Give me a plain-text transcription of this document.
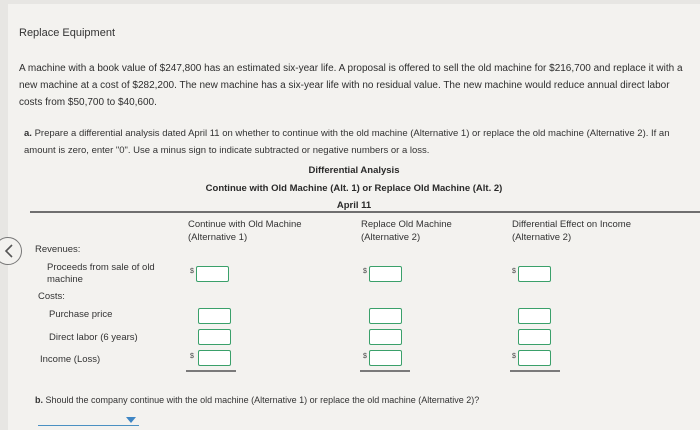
Replace Equipment
A machine with a book value of $247,800 has an estimated six-year life. A proposal is offered to sell the old machine for $216,700 and replace it with a new machine at a cost of $282,200. The new machine has a six-year life with no residual value. The new machine would reduce annual direct labor costs from $50,700 to $40,600.
a. Prepare a differential analysis dated April 11 on whether to continue with the old machine (Alternative 1) or replace the old machine (Alternative 2). If an amount is zero, enter "0". Use a minus sign to indicate subtracted or negative numbers or a loss.
Differential Analysis
Continue with Old Machine (Alt. 1) or Replace Old Machine (Alt. 2)
April 11
Continue with Old Machine
(Alternative 1)
Replace Old Machine
(Alternative 2)
Differential Effect on Income
(Alternative 2)
Revenues:
Proceeds from sale of old
machine
Costs:
Purchase price
Direct labor (6 years)
Income (Loss)
$
$
$
$
$
$
b. Should the company continue with the old machine (Alternative 1) or replace the old machine (Alternative 2)?
